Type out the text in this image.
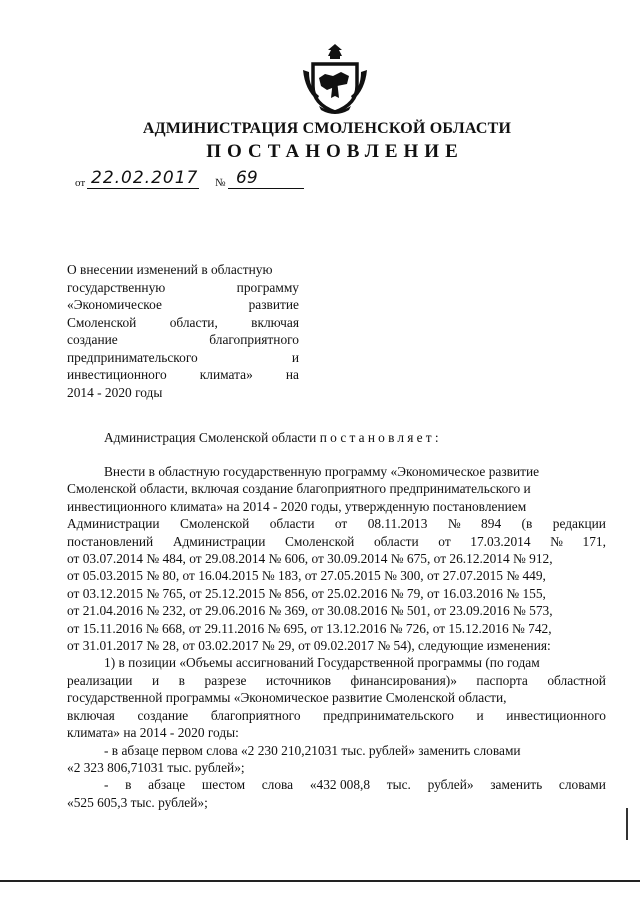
АДМИНИСТРАЦИЯ СМОЛЕНСКОЙ ОБЛАСТИ
ПОСТАНОВЛЕНИЕ
от 22.02.2017 № 69
О внесении изменений в областную
государственную	программу
«Экономическое	развитие
Смоленской области, включая
создание	благоприятного
предпринимательского	и
инвестиционного климата» на
2014 - 2020 годы
Администрация Смоленской области постановляет:
Внести в областную государственную программу «Экономическое развитие
Смоленской области, включая создание благоприятного предпринимательского и
инвестиционного климата» на 2014 - 2020 годы, утвержденную постановлением
Администрации Смоленской области от 08.11.2013 № 894 (в редакции
постановлений Администрации Смоленской области от 17.03.2014 № 171,
от 03.07.2014 № 484, от 29.08.2014 № 606, от 30.09.2014 № 675, от 26.12.2014 № 912,
от 05.03.2015 № 80, от 16.04.2015 № 183, от 27.05.2015 № 300, от 27.07.2015 № 449,
от 03.12.2015 № 765, от 25.12.2015 № 856, от 25.02.2016 № 79, от 16.03.2016 № 155,
от 21.04.2016 № 232, от 29.06.2016 № 369, от 30.08.2016 № 501, от 23.09.2016 № 573,
от 15.11.2016 № 668, от 29.11.2016 № 695, от 13.12.2016 № 726, от 15.12.2016 № 742,
от 31.01.2017 № 28, от 03.02.2017 № 29, от 09.02.2017 № 54), следующие изменения:
1) в позиции «Объемы ассигнований Государственной программы (по годам
реализации и в разрезе источников финансирования)» паспорта областной
государственной программы «Экономическое развитие Смоленской области,
включая создание благоприятного предпринимательского и инвестиционного
климата» на 2014 - 2020 годы:
- в абзаце первом слова «2 230 210,21031 тыс. рублей» заменить словами
«2 323 806,71031 тыс. рублей»;
- в абзаце шестом слова «432 008,8 тыс. рублей» заменить словами
«525 605,3 тыс. рублей»;
